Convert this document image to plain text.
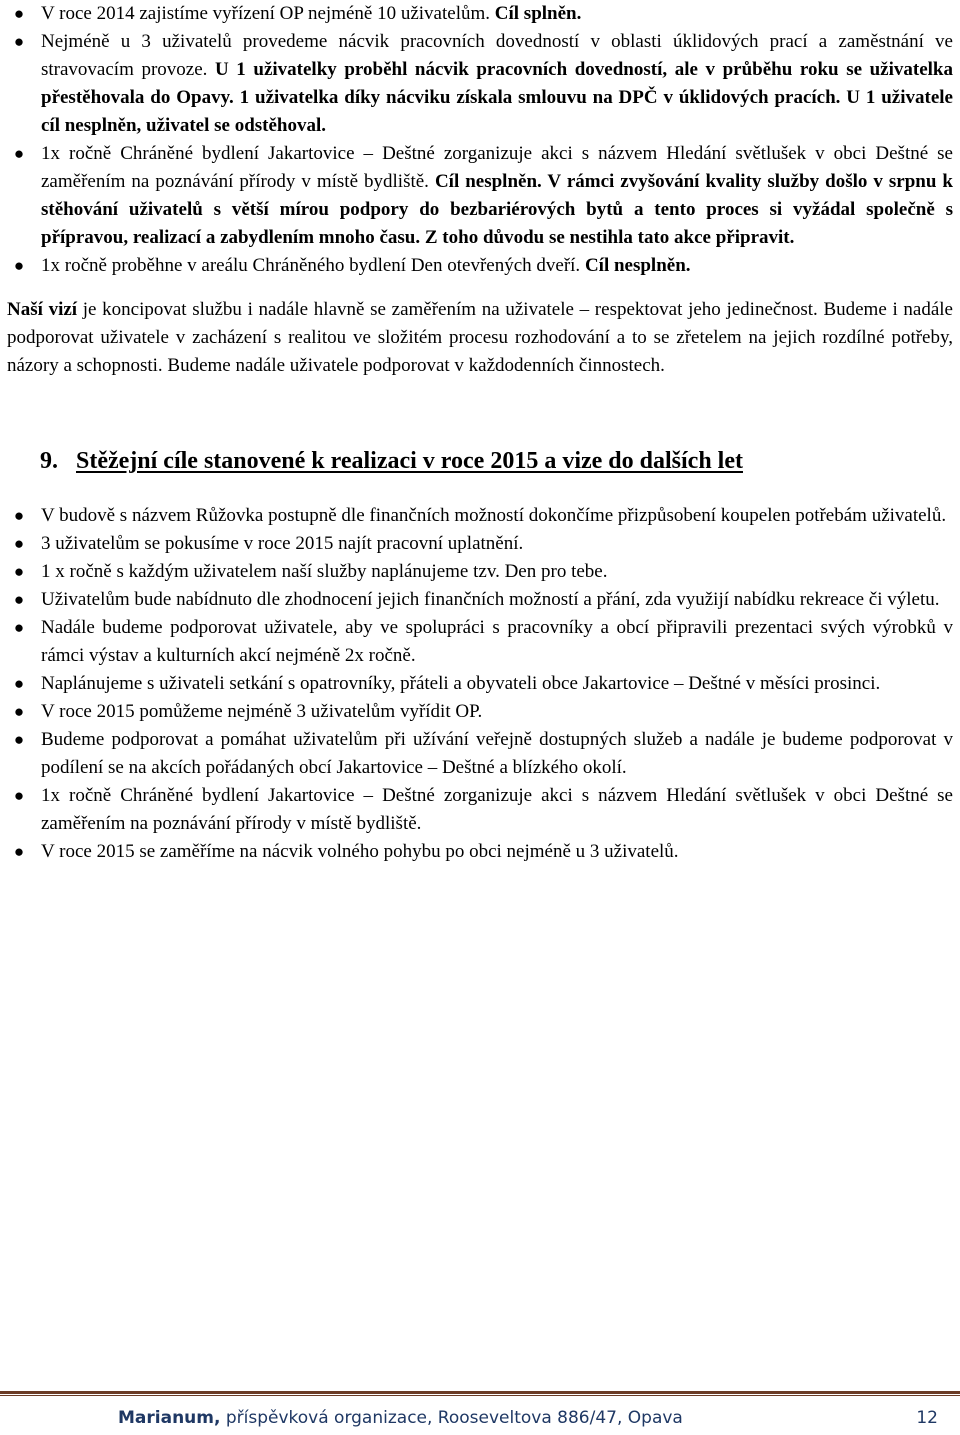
● V roce 2014 zajistíme vyřízení OP nejméně 10 uživatelům. Cíl splněn.
● Nejméně u 3 uživatelů provedeme nácvik pracovních dovedností v oblasti úklidových prací a zaměstnání ve stravovacím provoze. U 1 uživatelky proběhl nácvik pracovních dovedností, ale v průběhu roku se uživatelka přestěhovala do Opavy. 1 uživatelka díky nácviku získala smlouvu na DPČ v úklidových pracích. U 1 uživatele cíl nesplněn, uživatel se odstěhoval.
● 1x ročně Chráněné bydlení Jakartovice – Deštné zorganizuje akci s názvem Hledání světlušek v obci Deštné se zaměřením na poznávání přírody v místě bydliště. Cíl nesplněn. V rámci zvyšování kvality služby došlo v srpnu k stěhování uživatelů s větší mírou podpory do bezbariérových bytů a tento proces si vyžádal společně s přípravou, realizací a zabydlením mnoho času. Z toho důvodu se nestihla tato akce připravit.
● 1x ročně proběhne v areálu Chráněného bydlení Den otevřených dveří. Cíl nesplněn.

Naší vizí je koncipovat službu i nadále hlavně se zaměřením na uživatele – respektovat jeho jedinečnost. Budeme i nadále podporovat uživatele v zacházení s realitou ve složitém procesu rozhodování a to se zřetelem na jejich rozdílné potřeby, názory a schopnosti. Budeme nadále uživatele podporovat v každodenních činnostech.

9. Stěžejní cíle stanovené k realizaci v roce 2015 a vize do dalších let
● V budově s názvem Růžovka postupně dle finančních možností dokončíme přizpůsobení koupelen potřebám uživatelů.
● 3 uživatelům se pokusíme v roce 2015 najít pracovní uplatnění.
● 1 x ročně s každým uživatelem naší služby naplánujeme tzv. Den pro tebe.
● Uživatelům bude nabídnuto dle zhodnocení jejich finančních možností a přání, zda využijí nabídku rekreace či výletu.
● Nadále budeme podporovat uživatele, aby ve spolupráci s pracovníky a obcí připravili prezentaci svých výrobků v rámci výstav a kulturních akcí nejméně 2x ročně.
● Naplánujeme s uživateli setkání s opatrovníky, přáteli a obyvateli obce Jakartovice – Deštné v měsíci prosinci.
● V roce 2015 pomůžeme nejméně 3 uživatelům vyřídit OP.
● Budeme podporovat a pomáhat uživatelům při užívání veřejně dostupných služeb a nadále je budeme podporovat v podílení se na akcích pořádaných obcí Jakartovice – Deštné a blízkého okolí.
● 1x ročně Chráněné bydlení Jakartovice – Deštné zorganizuje akci s názvem Hledání světlušek v obci Deštné se zaměřením na poznávání přírody v místě bydliště.
● V roce 2015 se zaměříme na nácvik volného pohybu po obci nejméně u 3 uživatelů.
Marianum, příspěvková organizace, Rooseveltova 886/47, Opava	12
